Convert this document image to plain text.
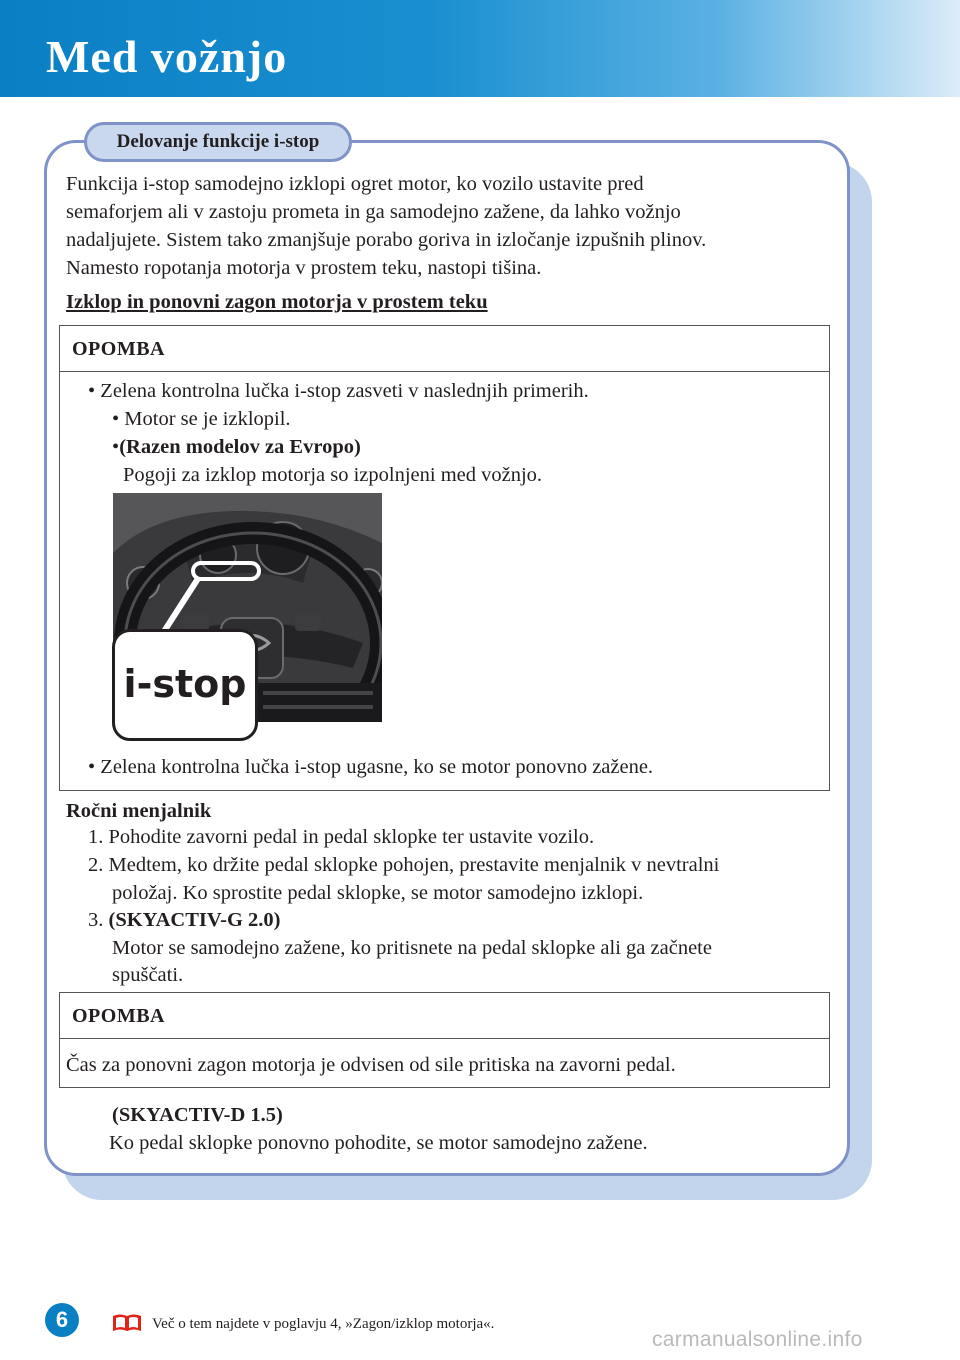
Med vožnjo
Delovanje funkcije i-stop
Funkcija i-stop samodejno izklopi ogret motor, ko vozilo ustavite pred
semaforjem ali v zastoju prometa in ga samodejno zažene, da lahko vožnjo
nadaljujete. Sistem tako zmanjšuje porabo goriva in izločanje izpušnih plinov.
Namesto ropotanja motorja v prostem teku, nastopi tišina.
Izklop in ponovni zagon motorja v prostem teku
OPOMBA
• Zelena kontrolna lučka i-stop zasveti v naslednjih primerih.
• Motor se je izklopil.
•(Razen modelov za Evropo)
Pogoji za izklop motorja so izpolnjeni med vožnjo.
i-stop
• Zelena kontrolna lučka i-stop ugasne, ko se motor ponovno zažene.
Ročni menjalnik
1. Pohodite zavorni pedal in pedal sklopke ter ustavite vozilo.
2. Medtem, ko držite pedal sklopke pohojen, prestavite menjalnik v nevtralni
položaj. Ko sprostite pedal sklopke, se motor samodejno izklopi.
3. (SKYACTIV-G 2.0)
Motor se samodejno zažene, ko pritisnete na pedal sklopke ali ga začnete
spuščati.
OPOMBA
Čas za ponovni zagon motorja je odvisen od sile pritiska na zavorni pedal.
(SKYACTIV-D 1.5)
Ko pedal sklopke ponovno pohodite, se motor samodejno zažene.
6	Več o tem najdete v poglavju 4, »Zagon/izklop motorja«.
carmanualsonline.info
